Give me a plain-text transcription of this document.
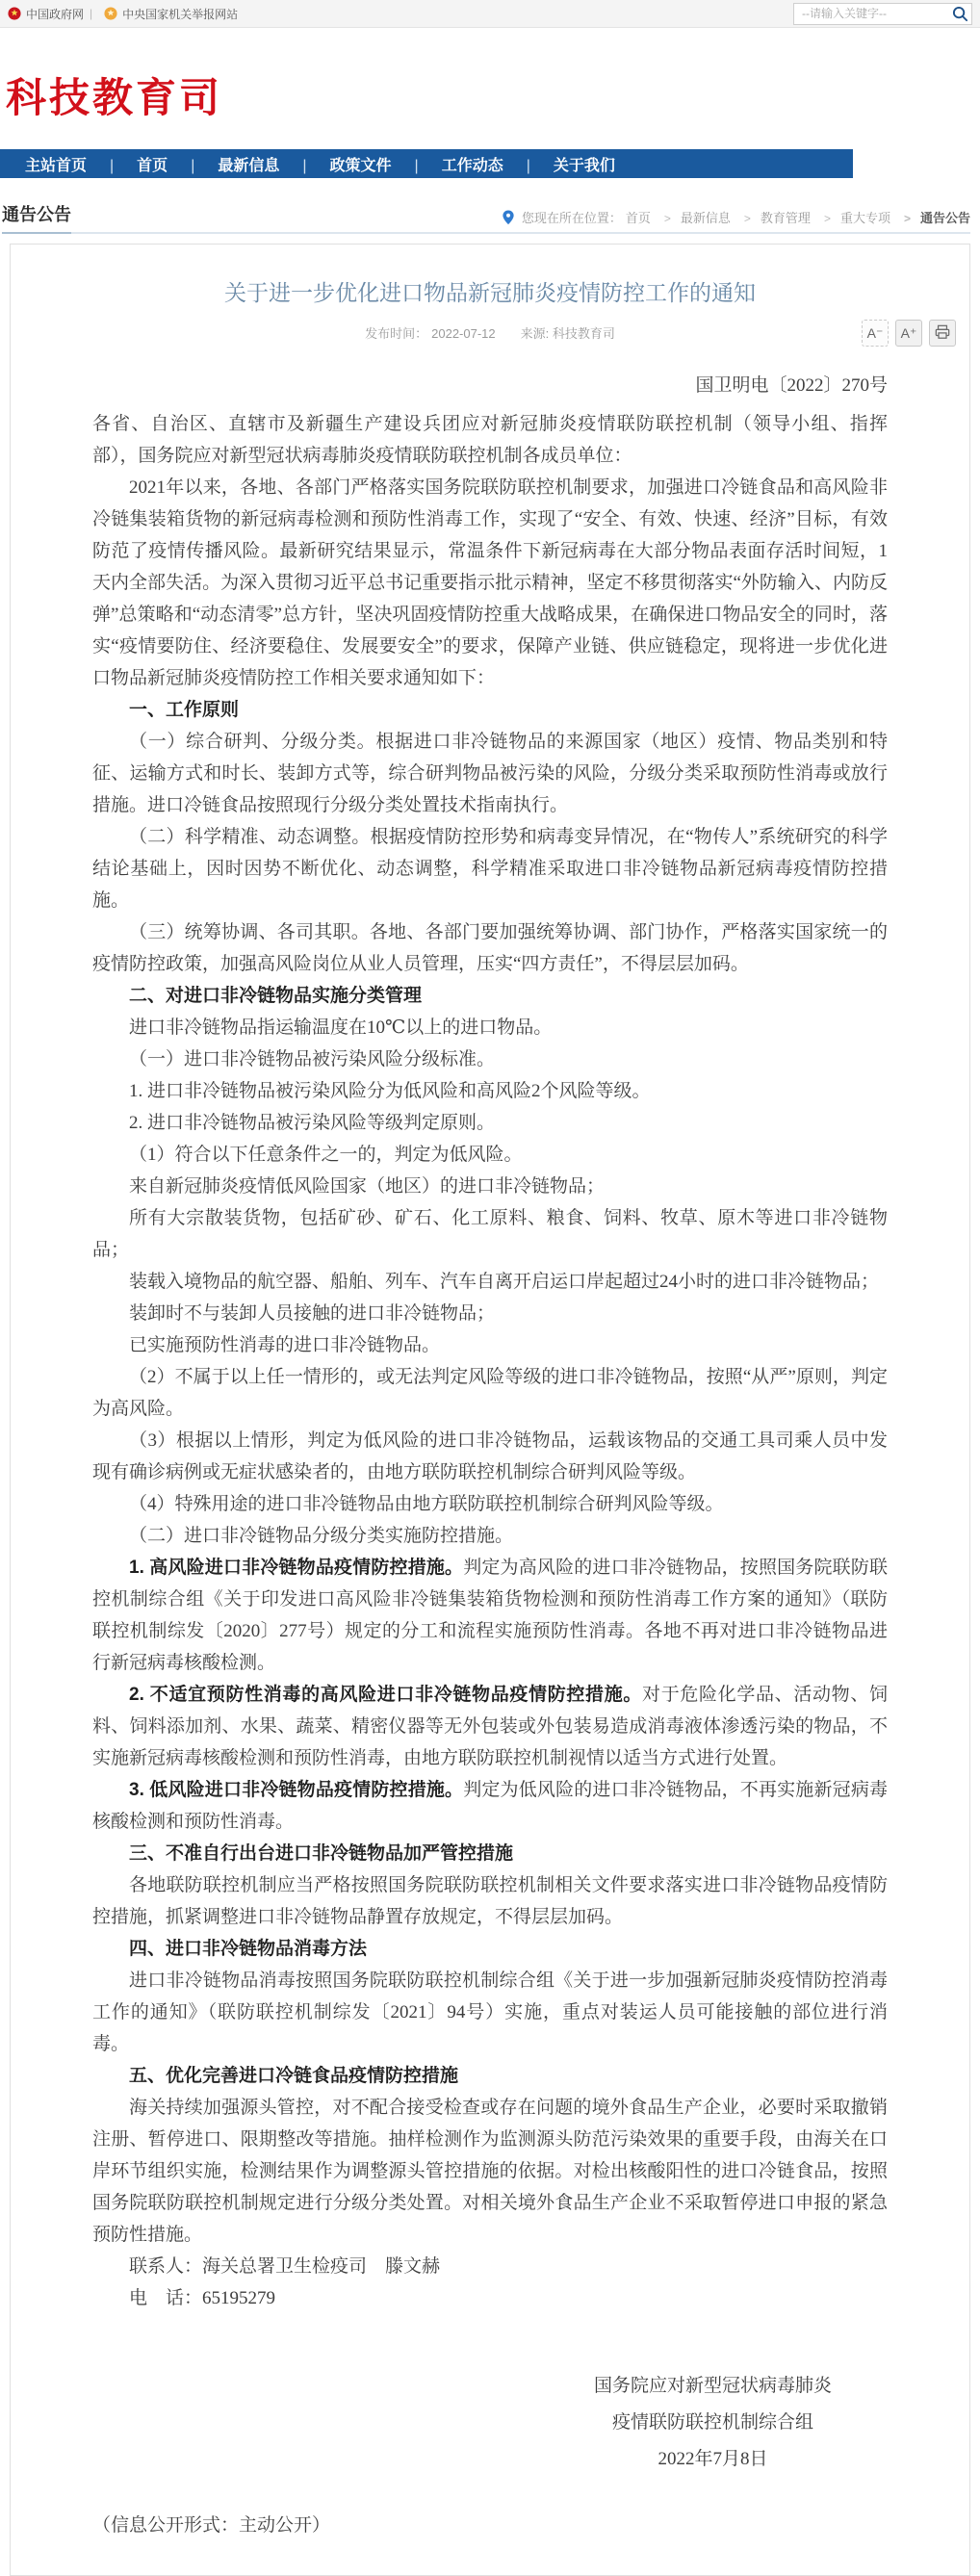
中国政府网 |	中央国家机关举报网站
--请输入关键字--
科技教育司
主站首页	| 首页	| 最新信息	| 政策文件	| 工作动态	| 关于我们
通告公告	您现在所在位置： 首页	> 最新信息	> 教育管理	> 重大专项	> 通告公告
关于进一步优化进口物品新冠肺炎疫情防控工作的通知
发布时间： 2022-07-12 来源: 科技教育司	A⁻	A⁺
国卫明电〔2022〕270号

各省、自治区、直辖市及新疆生产建设兵团应对新冠肺炎疫情联防联控机制（领导小组、指挥部），国务院应对新型冠状病毒肺炎疫情联防联控机制各成员单位：

2021年以来，各地、各部门严格落实国务院联防联控机制要求，加强进口冷链食品和高风险非冷链集装箱货物的新冠病毒检测和预防性消毒工作，实现了“安全、有效、快速、经济”目标，有效防范了疫情传播风险。最新研究结果显示，常温条件下新冠病毒在大部分物品表面存活时间短，1天内全部失活。为深入贯彻习近平总书记重要指示批示精神，坚定不移贯彻落实“外防输入、内防反弹”总策略和“动态清零”总方针，坚决巩固疫情防控重大战略成果，在确保进口物品安全的同时，落实“疫情要防住、经济要稳住、发展要安全”的要求，保障产业链、供应链稳定，现将进一步优化进口物品新冠肺炎疫情防控工作相关要求通知如下：

一、工作原则

（一）综合研判、分级分类。根据进口非冷链物品的来源国家（地区）疫情、物品类别和特征、运输方式和时长、装卸方式等，综合研判物品被污染的风险，分级分类采取预防性消毒或放行措施。进口冷链食品按照现行分级分类处置技术指南执行。

（二）科学精准、动态调整。根据疫情防控形势和病毒变异情况，在“物传人”系统研究的科学结论基础上，因时因势不断优化、动态调整，科学精准采取进口非冷链物品新冠病毒疫情防控措施。

（三）统筹协调、各司其职。各地、各部门要加强统筹协调、部门协作，严格落实国家统一的疫情防控政策，加强高风险岗位从业人员管理，压实“四方责任”，不得层层加码。

二、对进口非冷链物品实施分类管理

进口非冷链物品指运输温度在10℃以上的进口物品。

（一）进口非冷链物品被污染风险分级标准。

1. 进口非冷链物品被污染风险分为低风险和高风险2个风险等级。

2. 进口非冷链物品被污染风险等级判定原则。

（1）符合以下任意条件之一的，判定为低风险。

来自新冠肺炎疫情低风险国家（地区）的进口非冷链物品；

所有大宗散装货物，包括矿砂、矿石、化工原料、粮食、饲料、牧草、原木等进口非冷链物品；

装载入境物品的航空器、船舶、列车、汽车自离开启运口岸起超过24小时的进口非冷链物品；

装卸时不与装卸人员接触的进口非冷链物品；

已实施预防性消毒的进口非冷链物品。

（2）不属于以上任一情形的，或无法判定风险等级的进口非冷链物品，按照“从严”原则，判定为高风险。

（3）根据以上情形，判定为低风险的进口非冷链物品，运载该物品的交通工具司乘人员中发现有确诊病例或无症状感染者的，由地方联防联控机制综合研判风险等级。

（4）特殊用途的进口非冷链物品由地方联防联控机制综合研判风险等级。

（二）进口非冷链物品分级分类实施防控措施。

1. 高风险进口非冷链物品疫情防控措施。判定为高风险的进口非冷链物品，按照国务院联防联控机制综合组《关于印发进口高风险非冷链集装箱货物检测和预防性消毒工作方案的通知》（联防联控机制综发〔2020〕277号）规定的分工和流程实施预防性消毒。各地不再对进口非冷链物品进行新冠病毒核酸检测。

2. 不适宜预防性消毒的高风险进口非冷链物品疫情防控措施。对于危险化学品、活动物、饲料、饲料添加剂、水果、蔬菜、精密仪器等无外包装或外包装易造成消毒液体渗透污染的物品，不实施新冠病毒核酸检测和预防性消毒，由地方联防联控机制视情以适当方式进行处置。

3. 低风险进口非冷链物品疫情防控措施。判定为低风险的进口非冷链物品，不再实施新冠病毒核酸检测和预防性消毒。

三、不准自行出台进口非冷链物品加严管控措施

各地联防联控机制应当严格按照国务院联防联控机制相关文件要求落实进口非冷链物品疫情防控措施，抓紧调整进口非冷链物品静置存放规定，不得层层加码。

四、进口非冷链物品消毒方法

进口非冷链物品消毒按照国务院联防联控机制综合组《关于进一步加强新冠肺炎疫情防控消毒工作的通知》（联防联控机制综发〔2021〕94号）实施，重点对装运人员可能接触的部位进行消毒。

五、优化完善进口冷链食品疫情防控措施

海关持续加强源头管控，对不配合接受检查或存在问题的境外食品生产企业，必要时采取撤销注册、暂停进口、限期整改等措施。抽样检测作为监测源头防范污染效果的重要手段，由海关在口岸环节组织实施，检测结果作为调整源头管控措施的依据。对检出核酸阳性的进口冷链食品，按照国务院联防联控机制规定进行分级分类处置。对相关境外食品生产企业不采取暂停进口申报的紧急预防性措施。

联系人：海关总署卫生检疫司　滕文赫

电　话：65195279

国务院应对新型冠状病毒肺炎
疫情联防联控机制综合组
2022年7月8日
（信息公开形式：主动公开）
